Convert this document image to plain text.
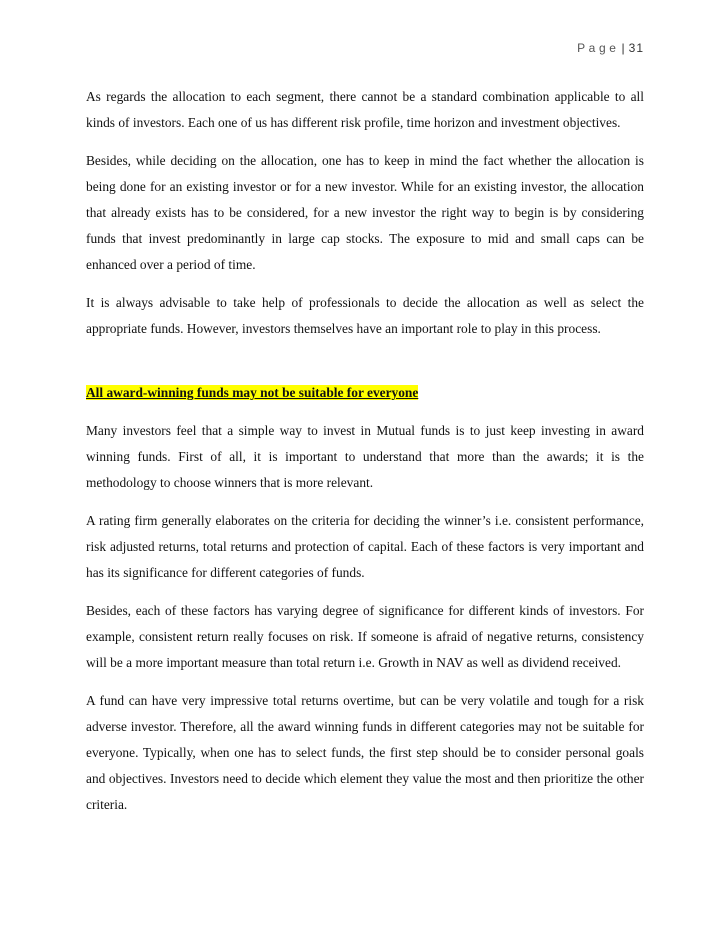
Page | 31

As regards the allocation to each segment, there cannot be a standard combination applicable to all kinds of investors. Each one of us has different risk profile, time horizon and investment objectives.

Besides, while deciding on the allocation, one has to keep in mind the fact whether the allocation is being done for an existing investor or for a new investor. While for an existing investor, the allocation that already exists has to be considered, for a new investor the right way to begin is by considering funds that invest predominantly in large cap stocks. The exposure to mid and small caps can be enhanced over a period of time.

It is always advisable to take help of professionals to decide the allocation as well as select the appropriate funds. However, investors themselves have an important role to play in this process.

All award-winning funds may not be suitable for everyone

Many investors feel that a simple way to invest in Mutual funds is to just keep investing in award winning funds. First of all, it is important to understand that more than the awards; it is the methodology to choose winners that is more relevant.

A rating firm generally elaborates on the criteria for deciding the winner’s i.e. consistent performance, risk adjusted returns, total returns and protection of capital. Each of these factors is very important and has its significance for different categories of funds.

Besides, each of these factors has varying degree of significance for different kinds of investors. For example, consistent return really focuses on risk. If someone is afraid of negative returns, consistency will be a more important measure than total return i.e. Growth in NAV as well as dividend received.

A fund can have very impressive total returns overtime, but can be very volatile and tough for a risk adverse investor. Therefore, all the award winning funds in different categories may not be suitable for everyone. Typically, when one has to select funds, the first step should be to consider personal goals and objectives. Investors need to decide which element they value the most and then prioritize the other criteria.
